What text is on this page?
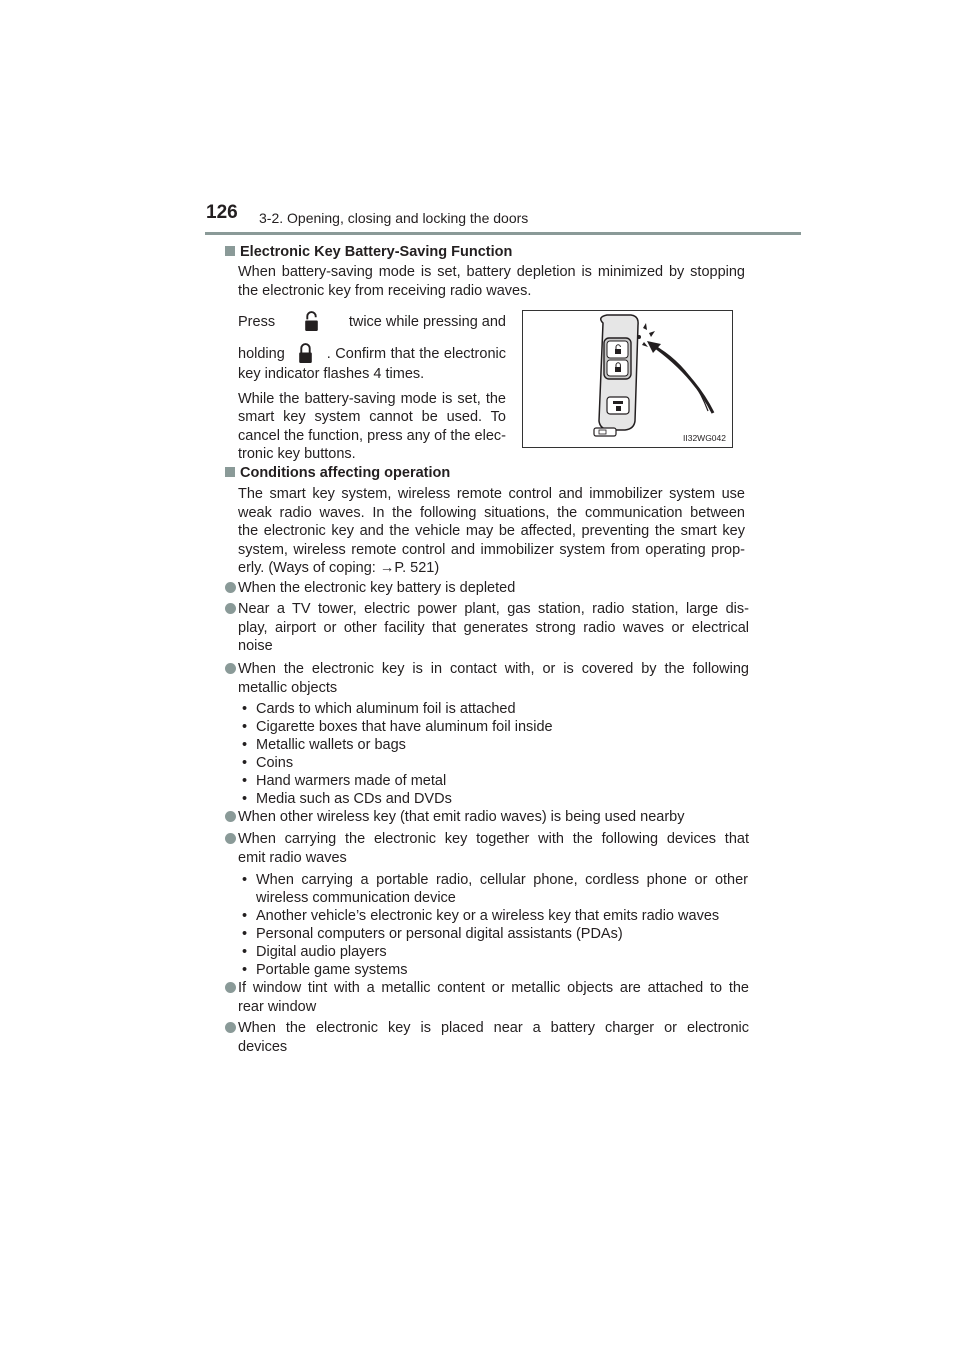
126 3-2. Opening, closing and locking the doors

Electronic Key Battery-Saving Function

When battery-saving mode is set, battery depletion is minimized by stopping

the electronic key from receiving radio waves.

Press	twice while pressing and

holding	. Confirm that the electronic

key indicator flashes 4 times.

While the battery-saving mode is set, the

smart key system cannot be used. To

cancel the function, press any of the elec-

tronic key buttons.

II32WG042

Conditions affecting operation

The smart key system, wireless remote control and immobilizer system use

weak radio waves. In the following situations, the communication between

the electronic key and the vehicle may be affected, preventing the smart key

system, wireless remote control and immobilizer system from operating prop-

erly. (Ways of coping: →P. 521)

When the electronic key battery is depleted

Near a TV tower, electric power plant, gas station, radio station, large dis-

play, airport or other facility that generates strong radio waves or electrical

noise

When the electronic key is in contact with, or is covered by the following

metallic objects

• Cards to which aluminum foil is attached

• Cigarette boxes that have aluminum foil inside

• Metallic wallets or bags

• Coins

• Hand warmers made of metal

• Media such as CDs and DVDs

When other wireless key (that emit radio waves) is being used nearby

When carrying the electronic key together with the following devices that

emit radio waves

• When carrying a portable radio, cellular phone, cordless phone or other

wireless communication device

• Another vehicle’s electronic key or a wireless key that emits radio waves

• Personal computers or personal digital assistants (PDAs)

• Digital audio players

• Portable game systems

If window tint with a metallic content or metallic objects are attached to the

rear window

When the electronic key is placed near a battery charger or electronic

devices
